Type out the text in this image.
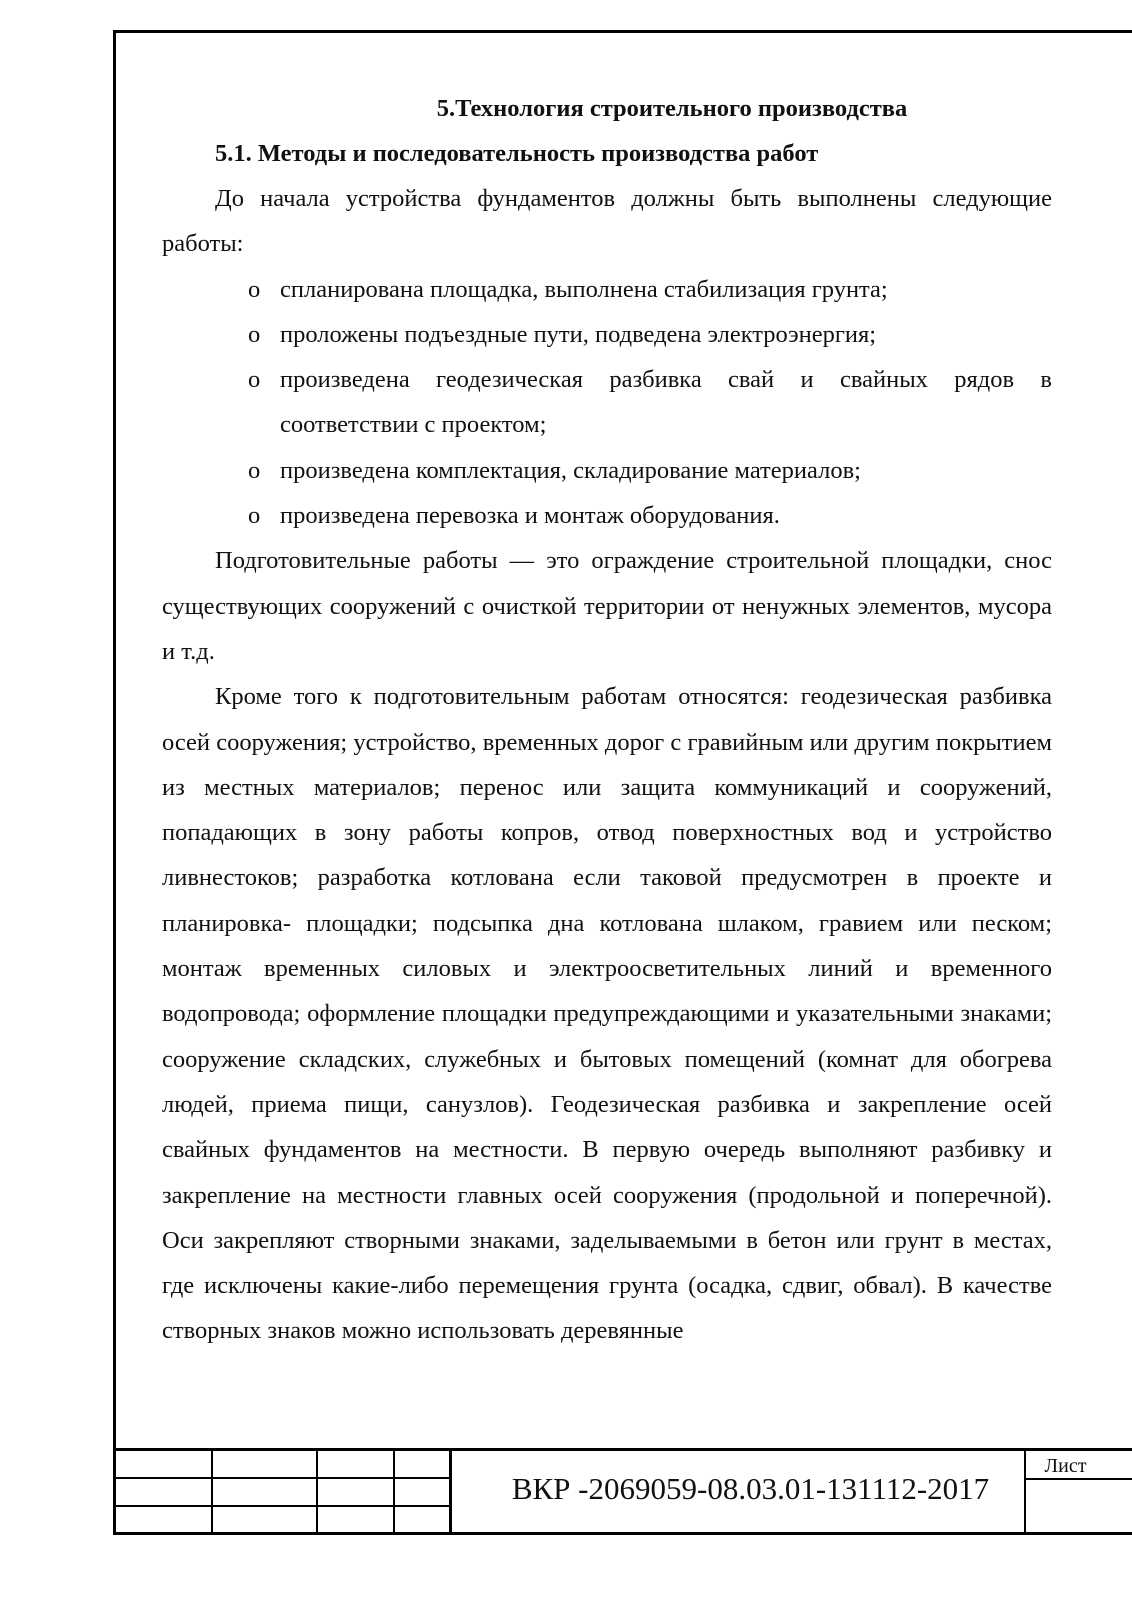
5.Технология строительного производства

5.1. Методы и последовательность производства работ

До начала устройства фундаментов должны быть выполнены следующие работы:

o спланирована площадка, выполнена стабилизация грунта;
o проложены подъездные пути, подведена электроэнергия;
o произведена геодезическая разбивка свай и свайных рядов в соответствии с проектом;
o произведена комплектация, складирование материалов;
o произведена перевозка и монтаж оборудования.

Подготовительные работы — это ограждение строительной площадки, снос существующих сооружений с очисткой территории от ненужных элементов, мусора и т.д.

Кроме того к подготовительным работам относятся: геодезическая разбивка осей сооружения; устройство, временных дорог с гравийным или другим покрытием из местных материалов; перенос или защита коммуникаций и сооружений, попадающих в зону работы копров, отвод поверхностных вод и устройство ливнестоков; разработка котлована если таковой предусмотрен в проекте и планировка- площадки; подсыпка дна котлована шлаком, гравием или песком; монтаж временных силовых и электроосветительных линий и временного водопровода; оформление площадки предупреждающими и указательными знаками; сооружение складских, служебных и бытовых помещений (комнат для обогрева людей, приема пищи, санузлов). Геодезическая разбивка и закрепление осей свайных фундаментов на местности. В первую очередь выполняют разбивку и закрепление на местности главных осей сооружения (продольной и поперечной). Оси закрепляют створными знаками, заделываемыми в бетон или грунт в местах, где исключены какие-либо перемещения грунта (осадка, сдвиг, обвал). В качестве створных знаков можно использовать деревянные

ВКР -2069059-08.03.01-131112-2017
Лист
